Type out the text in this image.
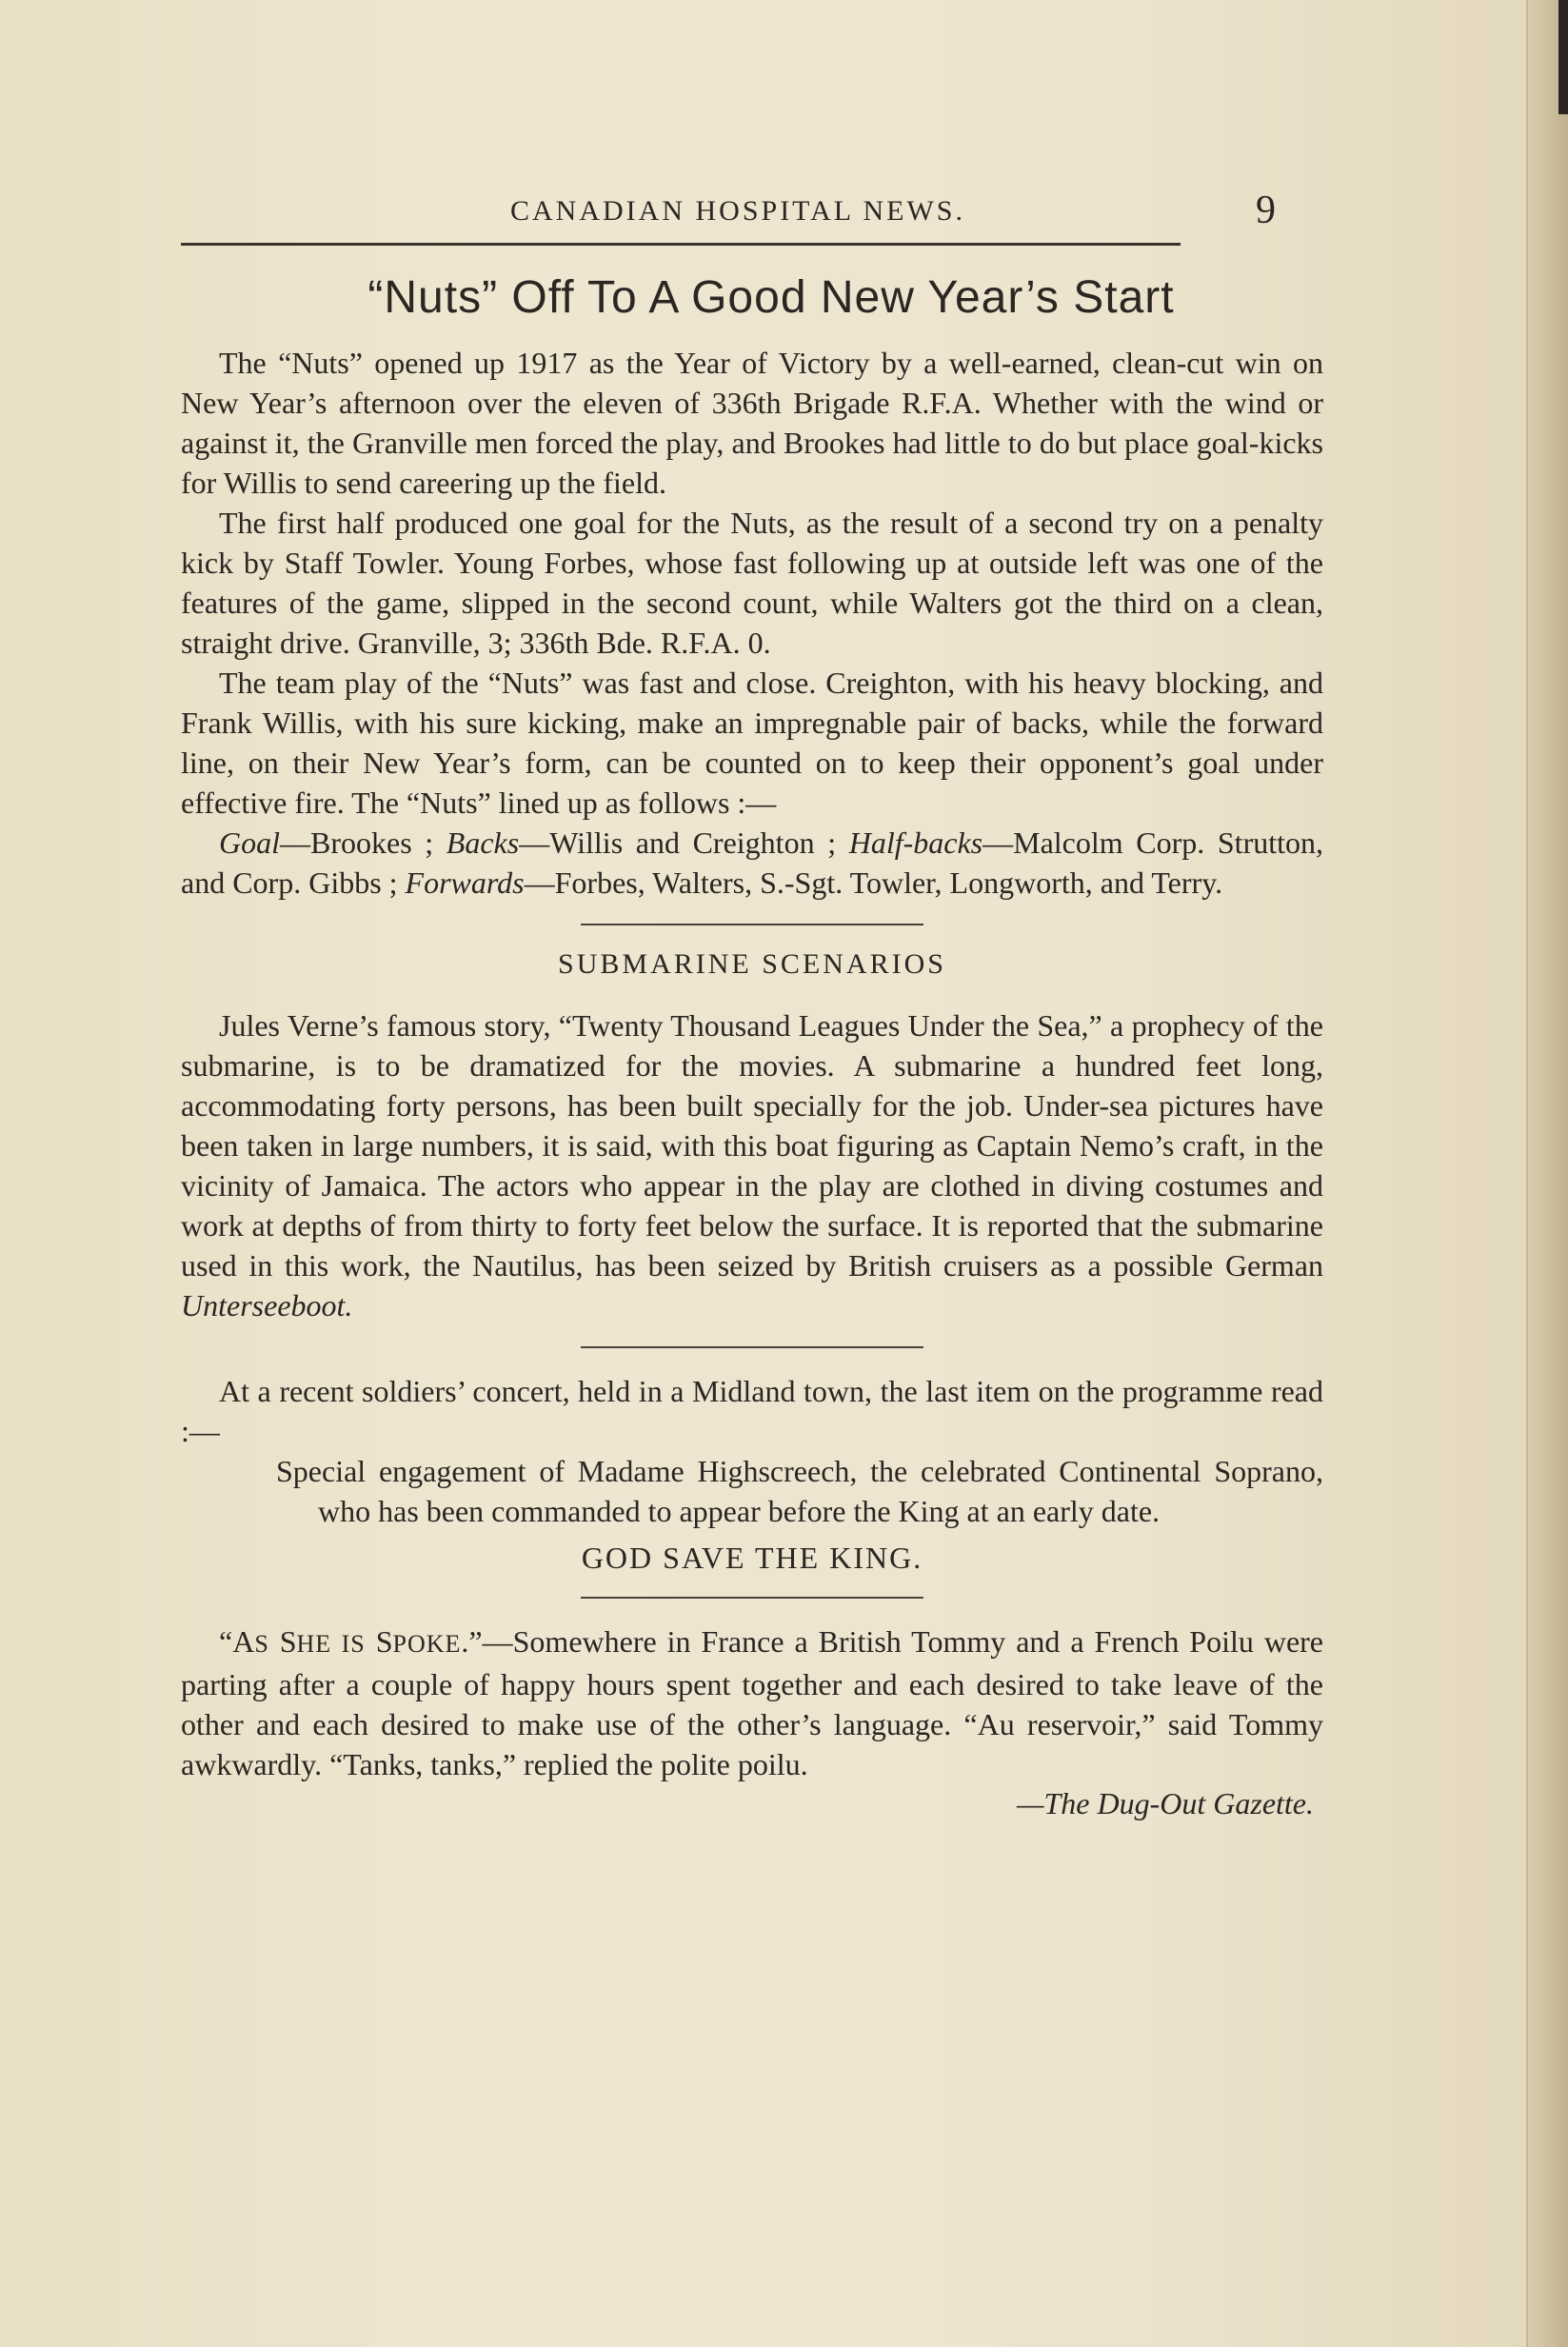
CANADIAN HOSPITAL NEWS.	9
“Nuts” Off To A Good New Year’s Start

The “Nuts” opened up 1917 as the Year of Victory by a well-earned, clean-cut win on New Year’s afternoon over the eleven of 336th Brigade R.F.A. Whether with the wind or against it, the Granville men forced the play, and Brookes had little to do but place goal-kicks for Willis to send careering up the field.

The first half produced one goal for the Nuts, as the result of a second try on a penalty kick by Staff Towler. Young Forbes, whose fast following up at outside left was one of the features of the game, slipped in the second count, while Walters got the third on a clean, straight drive. Granville, 3; 336th Bde. R.F.A. 0.

The team play of the “Nuts” was fast and close. Creighton, with his heavy blocking, and Frank Willis, with his sure kicking, make an impregnable pair of backs, while the forward line, on their New Year’s form, can be counted on to keep their opponent’s goal under effective fire. The “Nuts” lined up as follows :—

Goal—Brookes ; Backs—Willis and Creighton ; Half-backs—Malcolm Corp. Strutton, and Corp. Gibbs ; Forwards—Forbes, Walters, S.-Sgt. Towler, Longworth, and Terry.

SUBMARINE SCENARIOS

Jules Verne’s famous story, “Twenty Thousand Leagues Under the Sea,” a prophecy of the submarine, is to be dramatized for the movies. A submarine a hundred feet long, accommodating forty persons, has been built specially for the job. Under-sea pictures have been taken in large numbers, it is said, with this boat figuring as Captain Nemo’s craft, in the vicinity of Jamaica. The actors who appear in the play are clothed in diving costumes and work at depths of from thirty to forty feet below the surface. It is reported that the submarine used in this work, the Nautilus, has been seized by British cruisers as a possible German Unterseeboot.

At a recent soldiers’ concert, held in a Midland town, the last item on the programme read :—

Special engagement of Madame Highscreech, the celebrated Continental Soprano, who has been commanded to appear before the King at an early date.

GOD SAVE THE KING.

“AS SHE IS SPOKE.”—Somewhere in France a British Tommy and a French Poilu were parting after a couple of happy hours spent together and each desired to take leave of the other and each desired to make use of the other’s language. “Au reservoir,” said Tommy awkwardly. “Tanks, tanks,” replied the polite poilu.

—The Dug-Out Gazette.
